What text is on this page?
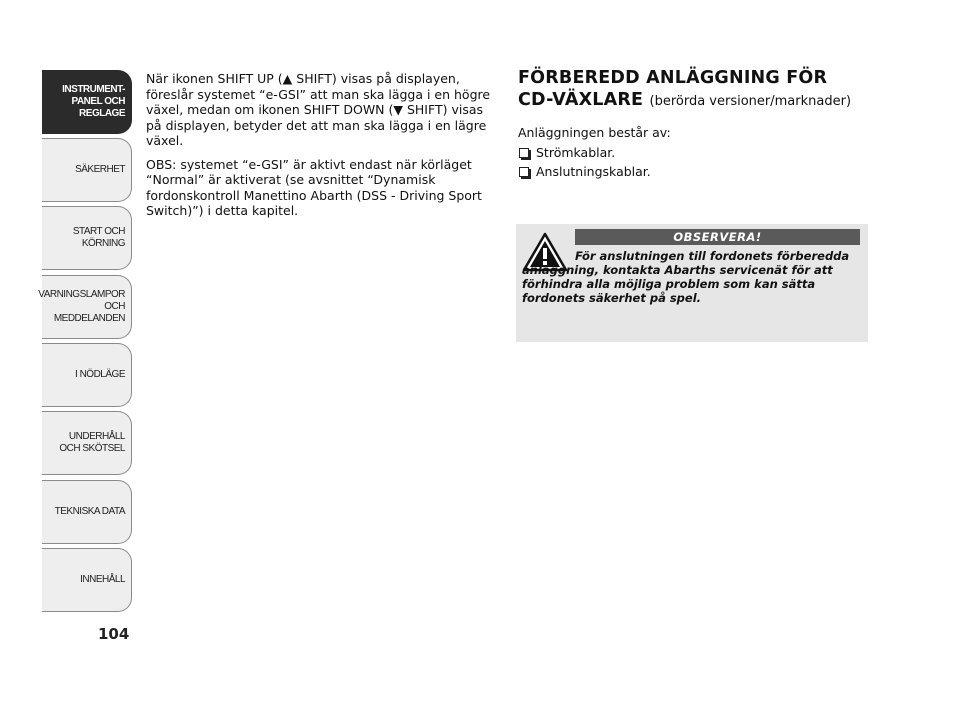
INSTRUMENT-
PANEL OCH
REGLAGE
SÄKERHET
START OCH
KÖRNING
VARNINGSLAMPOR
OCH
MEDDELANDEN
I NÖDLÄGE
UNDERHÅLL
OCH SKÖTSEL
TEKNISKA DATA
INNEHÅLL
104

När ikonen SHIFT UP (▲ SHIFT) visas på displayen, föreslår systemet “e-GSI” att man ska lägga i en högre växel, medan om ikonen SHIFT DOWN (▼ SHIFT) visas på displayen, betyder det att man ska lägga i en lägre växel.

OBS: systemet “e-GSI” är aktivt endast när körläget “Normal” är aktiverat (se avsnittet “Dynamisk fordonskontroll Manettino Abarth (DSS - Driving Sport Switch)”) i detta kapitel.

FÖRBEREDD ANLÄGGNING FÖR
CD-VÄXLARE (berörda versioner/marknader)

Anläggningen består av:

Strömkablar.
Anslutningskablar.
OBSERVERA!

För anslutningen till fordonets förberedda anläggning, kontakta Abarths servicenät för att förhindra alla möjliga problem som kan sätta fordonets säkerhet på spel.
